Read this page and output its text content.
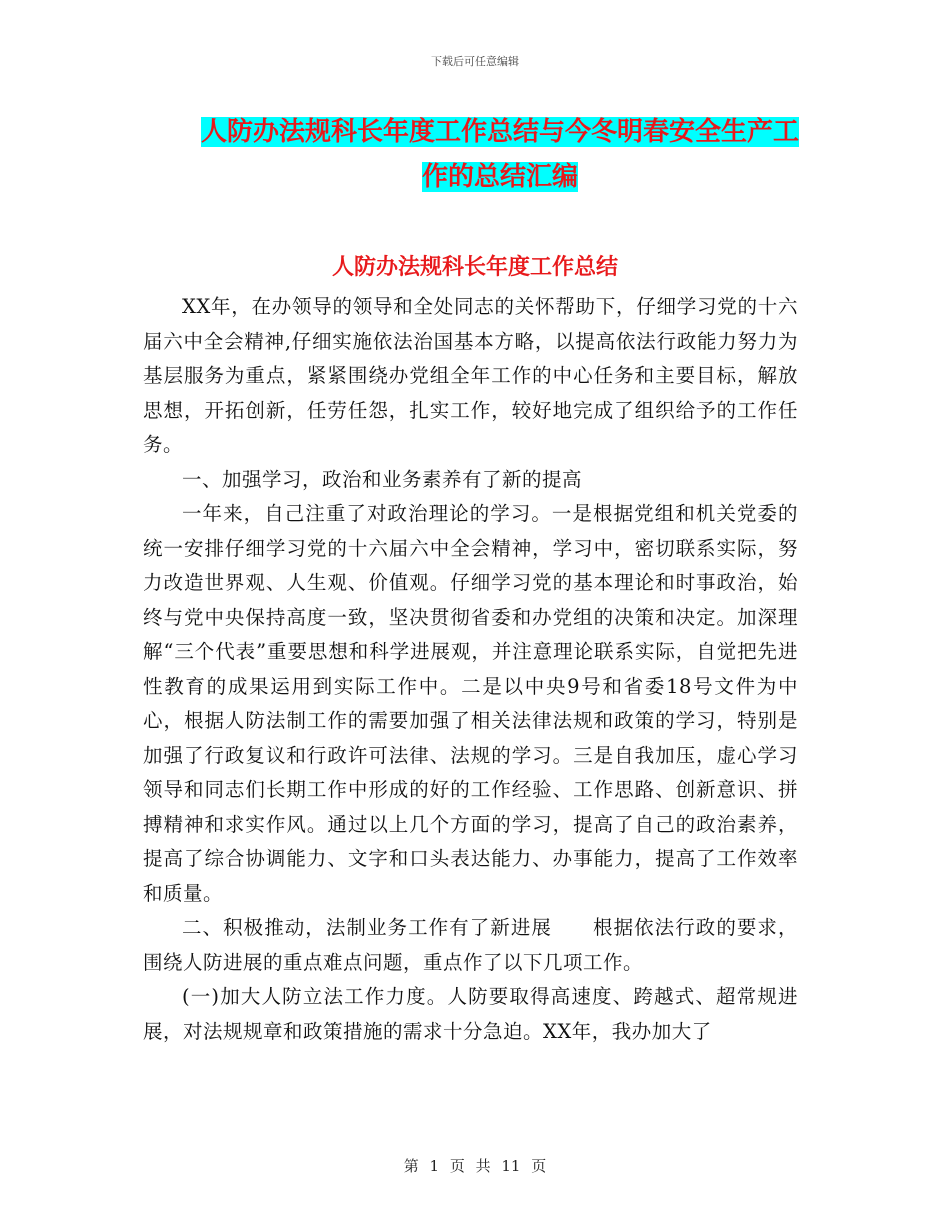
下载后可任意编辑
人防办法规科长年度工作总结与今冬明春安全生产工
作的总结汇编
人防办法规科长年度工作总结

XX年，在办领导的领导和全处同志的关怀帮助下，仔细学习党的十六届六中全会精神,仔细实施依法治国基本方略，以提高依法行政能力努力为基层服务为重点，紧紧围绕办党组全年工作的中心任务和主要目标，解放思想，开拓创新，任劳任怨，扎实工作，较好地完成了组织给予的工作任务。

一、加强学习，政治和业务素养有了新的提高

一年来，自己注重了对政治理论的学习。一是根据党组和机关党委的统一安排仔细学习党的十六届六中全会精神，学习中，密切联系实际，努力改造世界观、人生观、价值观。仔细学习党的基本理论和时事政治，始终与党中央保持高度一致，坚决贯彻省委和办党组的决策和决定。加深理解“三个代表”重要思想和科学进展观，并注意理论联系实际，自觉把先进性教育的成果运用到实际工作中。二是以中央9号和省委18号文件为中心，根据人防法制工作的需要加强了相关法律法规和政策的学习，特别是加强了行政复议和行政许可法律、法规的学习。三是自我加压，虚心学习领导和同志们长期工作中形成的好的工作经验、工作思路、创新意识、拼搏精神和求实作风。通过以上几个方面的学习，提高了自己的政治素养，提高了综合协调能力、文字和口头表达能力、办事能力，提高了工作效率和质量。

二、积极推动，法制业务工作有了新进展　　根据依法行政的要求，围绕人防进展的重点难点问题，重点作了以下几项工作。

(一)加大人防立法工作力度。人防要取得高速度、跨越式、超常规进展，对法规规章和政策措施的需求十分急迫。XX年，我办加大了

第 1 页 共 11 页
